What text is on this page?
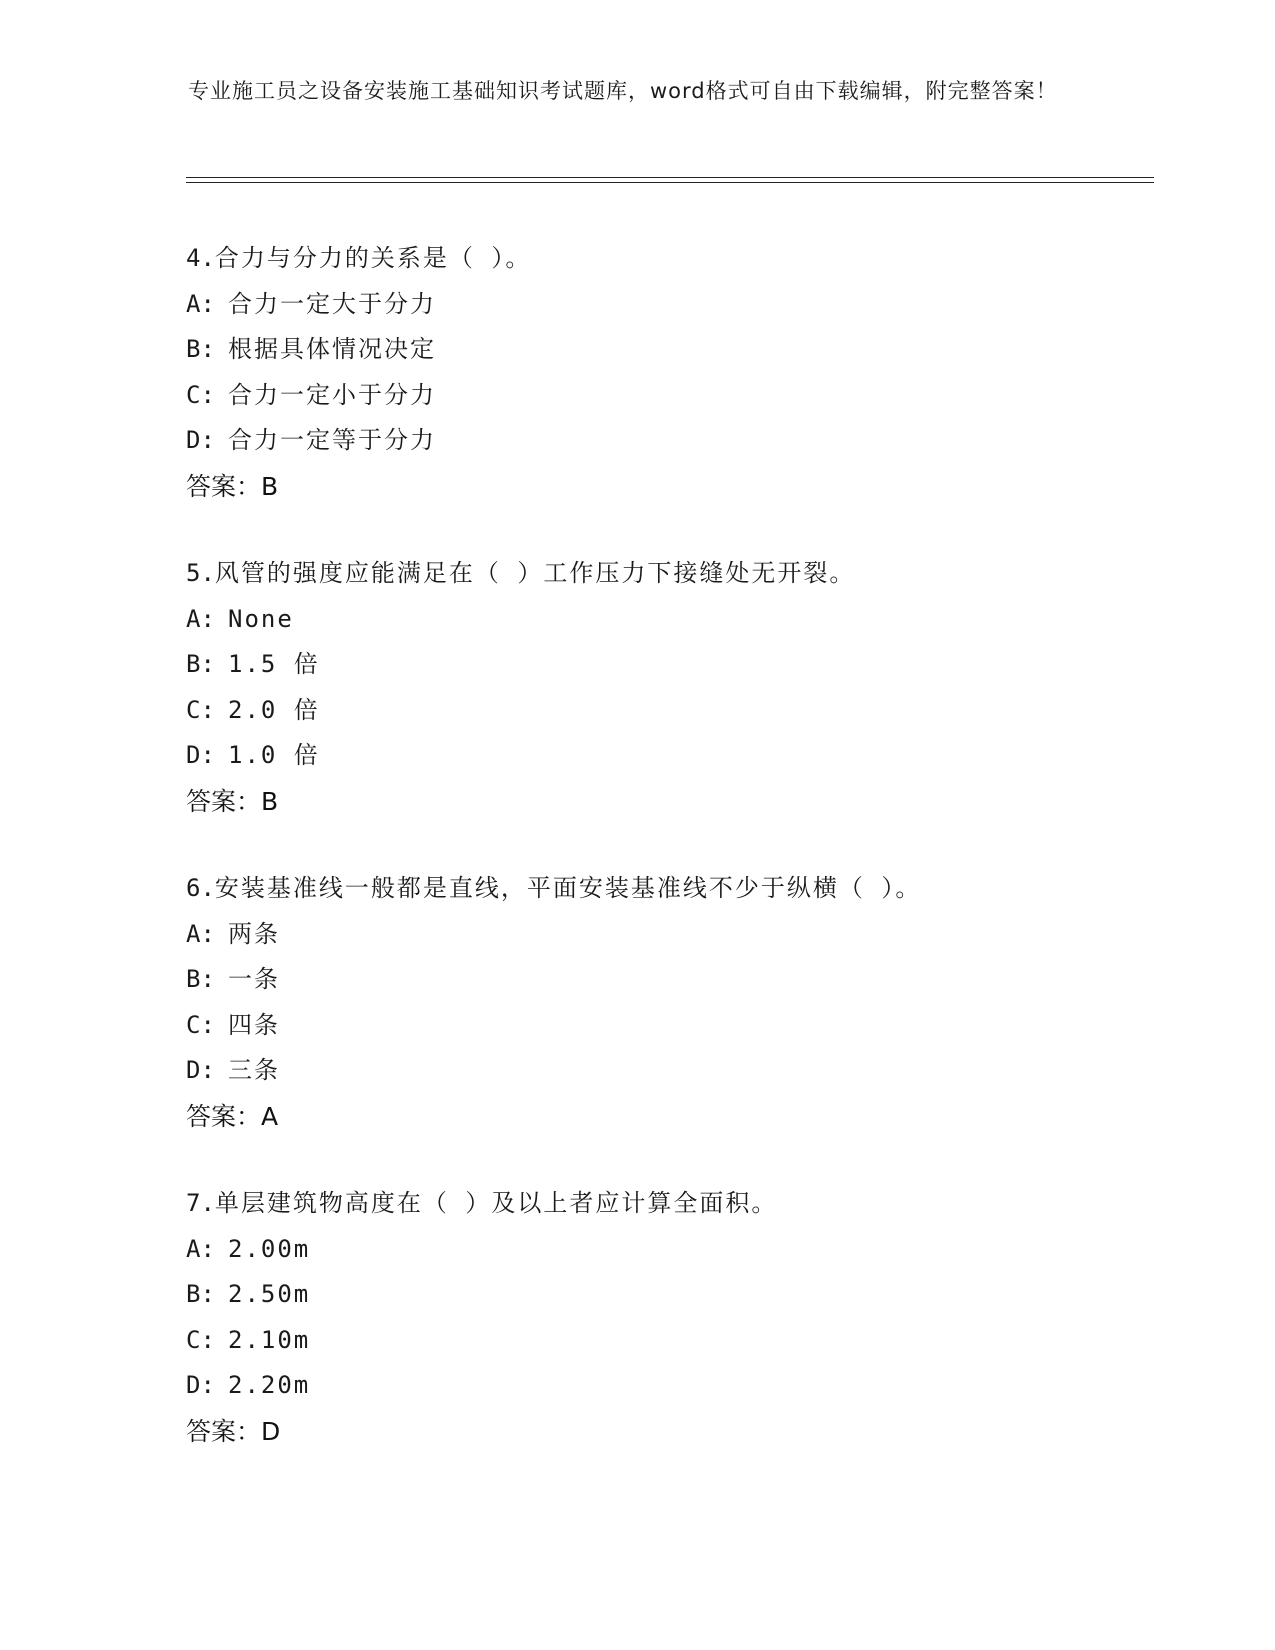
专业施工员之设备安装施工基础知识考试题库，word格式可自由下载编辑，附完整答案！
4.合力与分力的关系是（ ）。
A: 合力一定大于分力
B: 根据具体情况决定
C: 合力一定小于分力
D: 合力一定等于分力
答案：B
5.风管的强度应能满足在（ ）工作压力下接缝处无开裂。
A: None
B: 1.5 倍
C: 2.0 倍
D: 1.0 倍
答案：B
6.安装基准线一般都是直线，平面安装基准线不少于纵横（ ）。
A: 两条
B: 一条
C: 四条
D: 三条
答案：A
7.单层建筑物高度在（ ）及以上者应计算全面积。
A: 2.00m
B: 2.50m
C: 2.10m
D: 2.20m
答案：D
